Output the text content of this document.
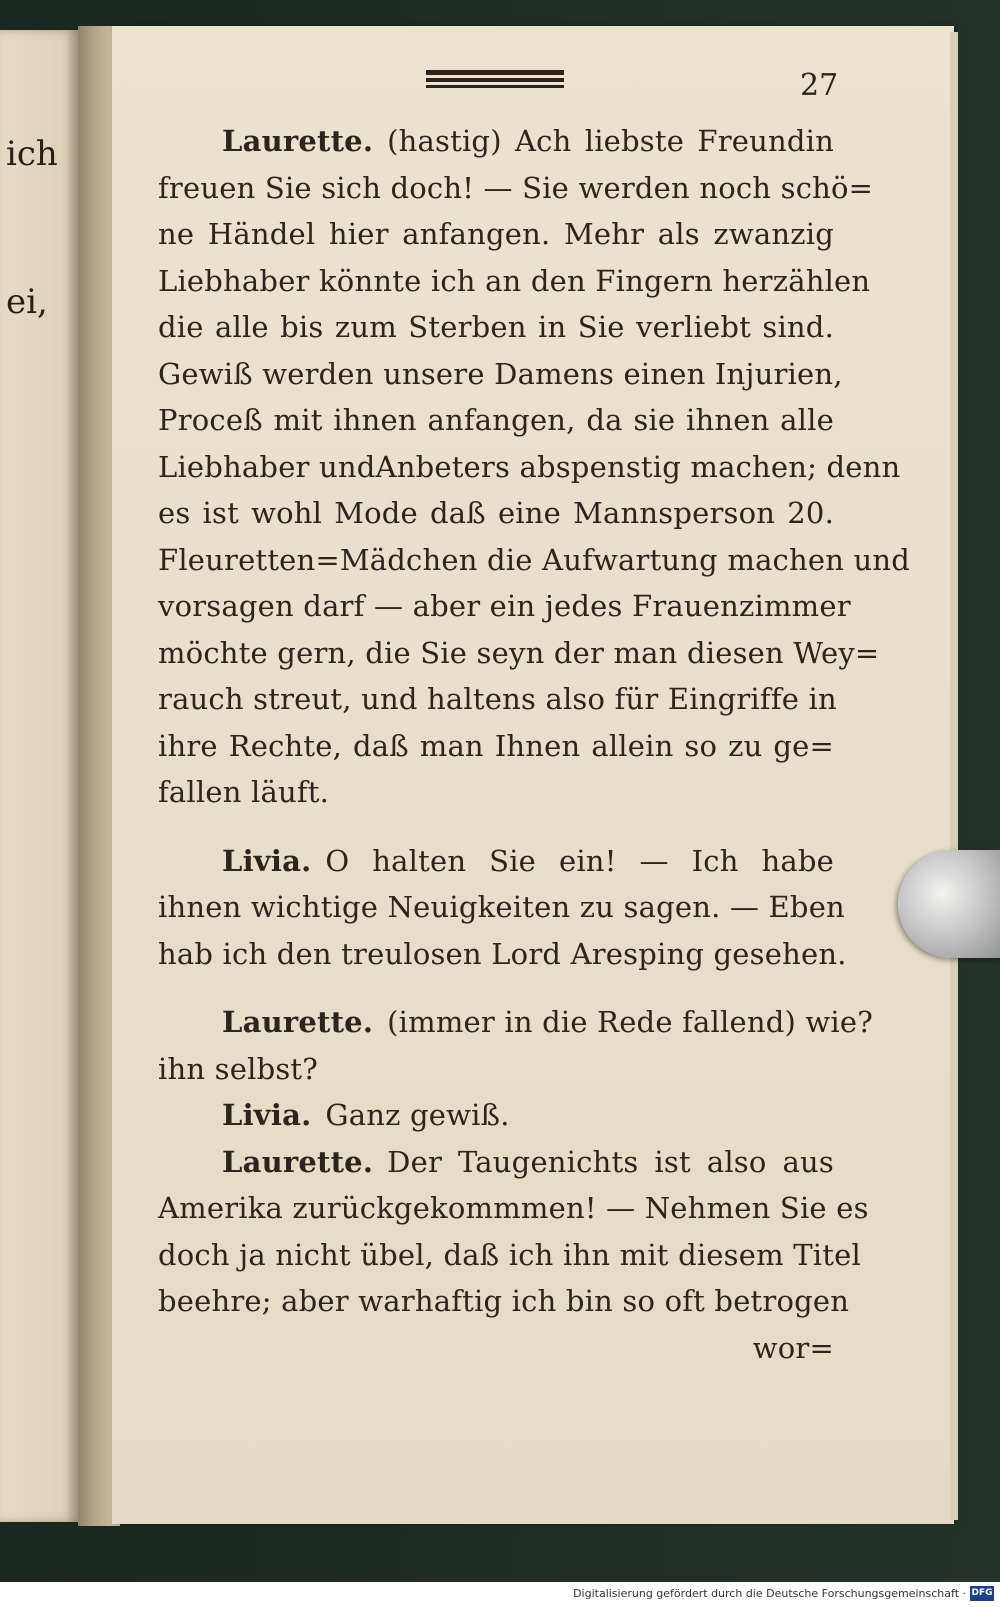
ich
ei,
27
Laurette. (hastig) Ach liebste Freundin
freuen Sie sich doch! — Sie werden noch schö=
ne Händel hier anfangen. Mehr als zwanzig
Liebhaber könnte ich an den Fingern herzählen
die alle bis zum Sterben in Sie verliebt sind.
Gewiß werden unsere Damens einen Injurien,
Proceß mit ihnen anfangen, da sie ihnen alle
Liebhaber undAnbeters abspenstig machen; denn
es ist wohl Mode daß eine Mannsperson 20.
Fleuretten=Mädchen die Aufwartung machen und
vorsagen darf — aber ein jedes Frauenzimmer
möchte gern, die Sie seyn der man diesen Wey=
rauch streut, und haltens also für Eingriffe in
ihre Rechte, daß man Ihnen allein so zu ge=
fallen läuft.
Livia. O halten Sie ein! — Ich habe
ihnen wichtige Neuigkeiten zu sagen. — Eben
hab ich den treulosen Lord Aresping gesehen.
Laurette. (immer in die Rede fallend) wie?
ihn selbst?
Livia. Ganz gewiß.
Laurette. Der Taugenichts ist also aus
Amerika zurückgekommmen! — Nehmen Sie es
doch ja nicht übel, daß ich ihn mit diesem Titel
beehre; aber warhaftig ich bin so oft betrogen
wor=
Digitalisierung gefördert durch die Deutsche Forschungsgemeinschaft · DFG
